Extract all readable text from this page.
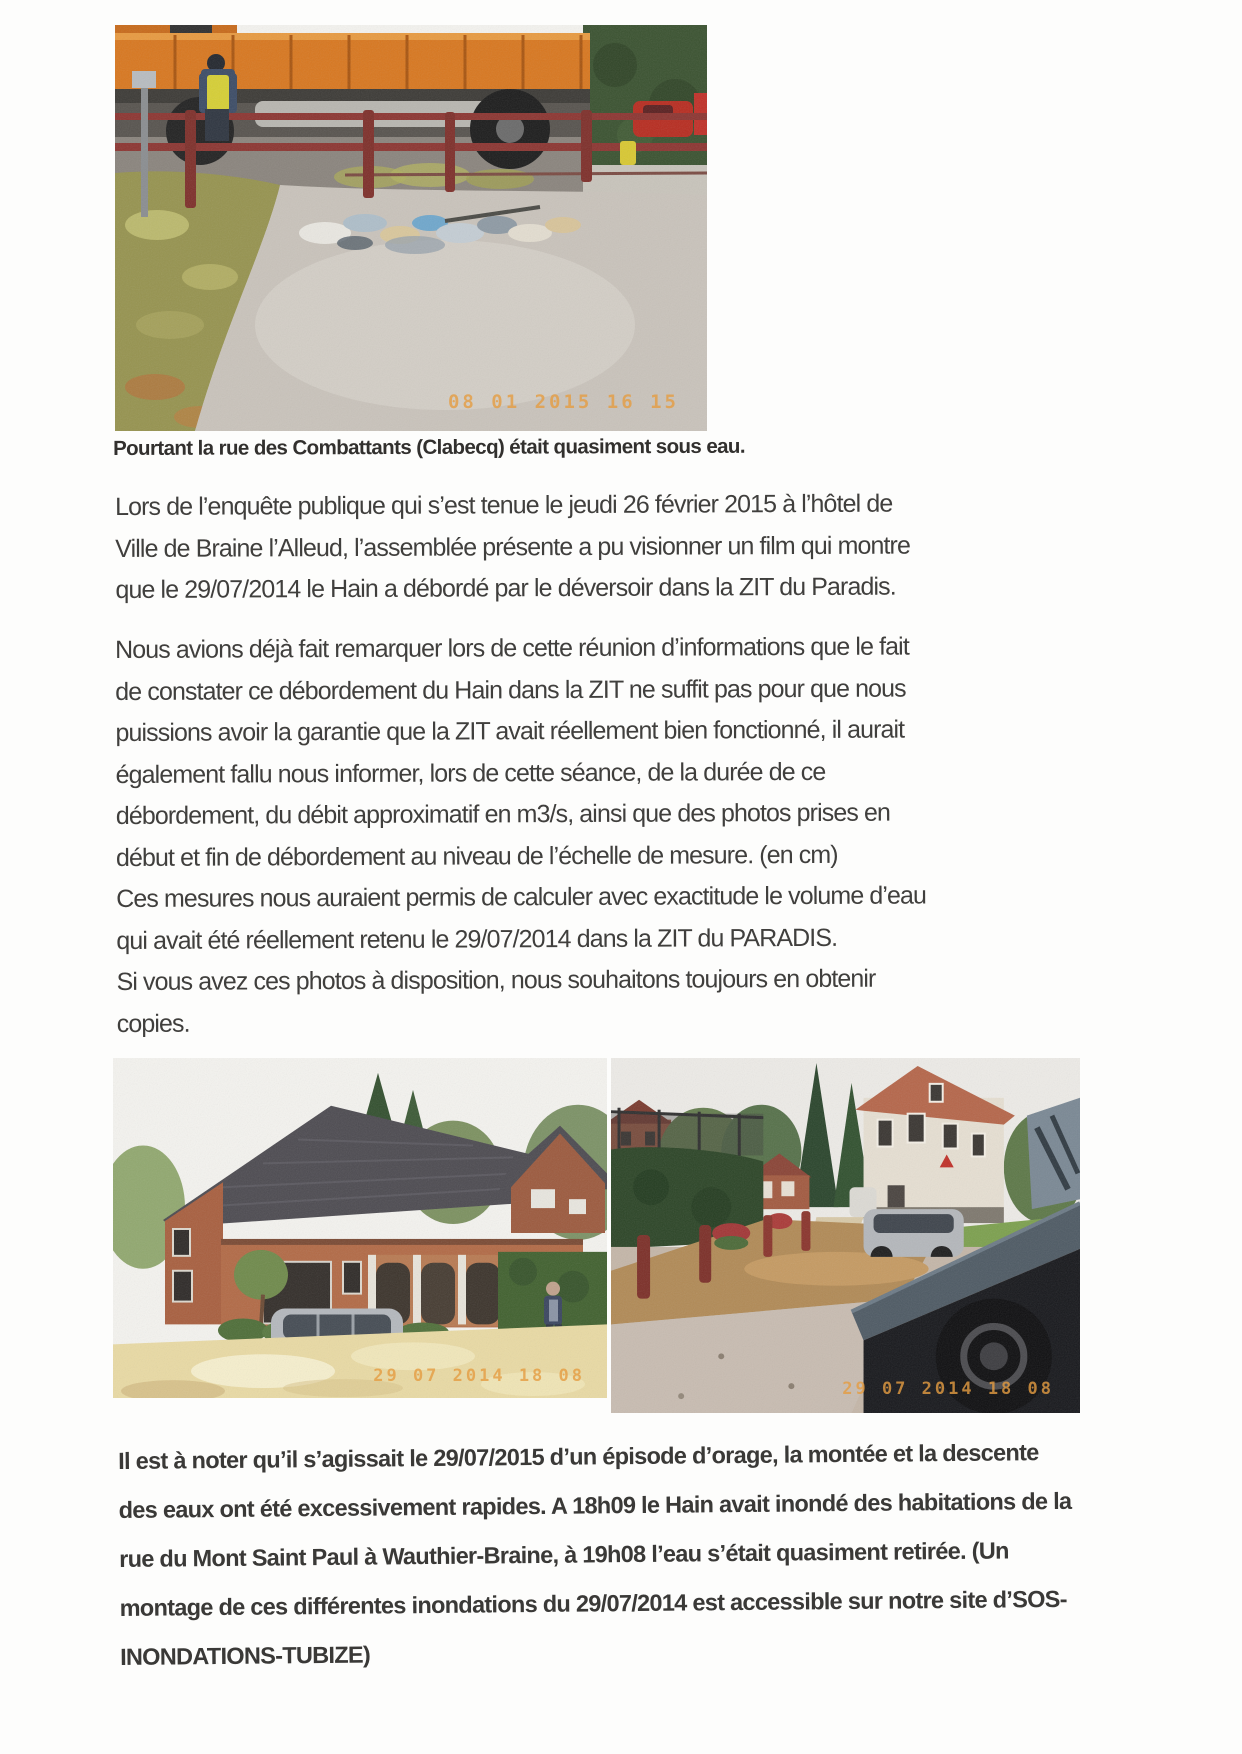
08 01 2015 16 15
Pourtant la rue des Combattants (Clabecq) était quasiment sous eau.
Lors de l’enquête publique qui s’est tenue le jeudi 26 février 2015 à l’hôtel de
Ville de Braine l’Alleud, l’assemblée présente a pu visionner un film qui montre
que le 29/07/2014 le Hain a débordé par le déversoir dans la ZIT du Paradis.
Nous avions déjà fait remarquer lors de cette réunion d’informations que le fait
de constater ce débordement du Hain dans la ZIT ne suffit pas pour que nous
puissions avoir la garantie que la ZIT avait réellement bien fonctionné, il aurait
également fallu nous informer, lors de cette séance, de la durée de ce
débordement, du débit approximatif en m3/s, ainsi que des photos prises en
début et fin de débordement au niveau de l’échelle de mesure. (en cm)
Ces mesures nous auraient permis de calculer avec exactitude le volume d’eau
qui avait été réellement retenu le 29/07/2014 dans la ZIT du PARADIS.
Si vous avez ces photos à disposition, nous souhaitons toujours en obtenir
copies.
29 07 2014 18 08
29 07 2014 18 08
Il est à noter qu’il s’agissait le 29/07/2015 d’un épisode d’orage, la montée et la descente
des eaux ont été excessivement rapides. A 18h09 le Hain avait inondé des habitations de la
rue du Mont Saint Paul à Wauthier-Braine, à 19h08 l’eau s’était quasiment retirée. (Un
montage de ces différentes inondations du 29/07/2014 est accessible sur notre site d’SOS-
INONDATIONS-TUBIZE)
